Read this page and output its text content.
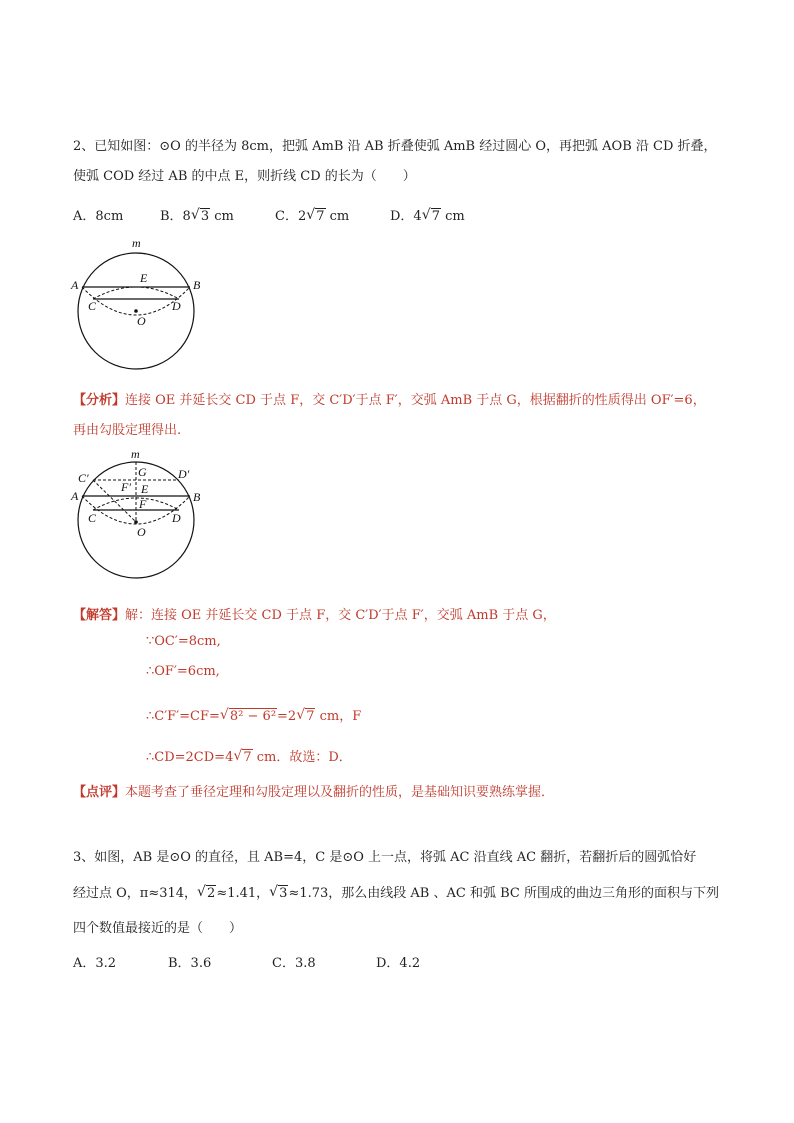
2、已知如图：⊙O 的半径为 8cm，把弧 AmB 沿 AB 折叠使弧 AmB 经过圆心 O，再把弧 AOB 沿 CD 折叠，
使弧 COD 经过 AB 的中点 E，则折线 CD 的长为（　　）
A．8cm	B．8 √ 3 cm	C．2 √ 7 cm	D．4 √ 7 cm
m
A	B
E
C	D
O
【分析】连接 OE 并延长交 CD 于点 F，交 C′D′于点 F′，交弧 AmB 于点 G，根据翻折的性质得出 OF′=6，
再由勾股定理得出.
m
G
C′	D′
F′ E
A	B
F
C	D
O
【解答】解：连接 OE 并延长交 CD 于点 F，交 C′D′于点 F′，交弧 AmB 于点 G，
∵OC′=8cm,
∴OF′=6cm,
∴C′F′=CF= √ 8² − 6²=2 √ 7 cm，F
∴CD=2CD=4 √ 7 cm．故选：D．
【点评】本题考查了垂径定理和勾股定理以及翻折的性质，是基础知识要熟练掌握．
3、如图，AB 是⊙O 的直径，且 AB=4，C 是⊙O 上一点，将弧 AC 沿直线 AC 翻折，若翻折后的圆弧恰好
经过点 O，π≈314， √ 2≈1.41， √ 3≈1.73，那么由线段 AB 、AC 和弧 BC 所围成的曲边三角形的面积与下列
四个数值最接近的是（　　）
A．3.2	B．3.6	C．3.8	D．4.2
